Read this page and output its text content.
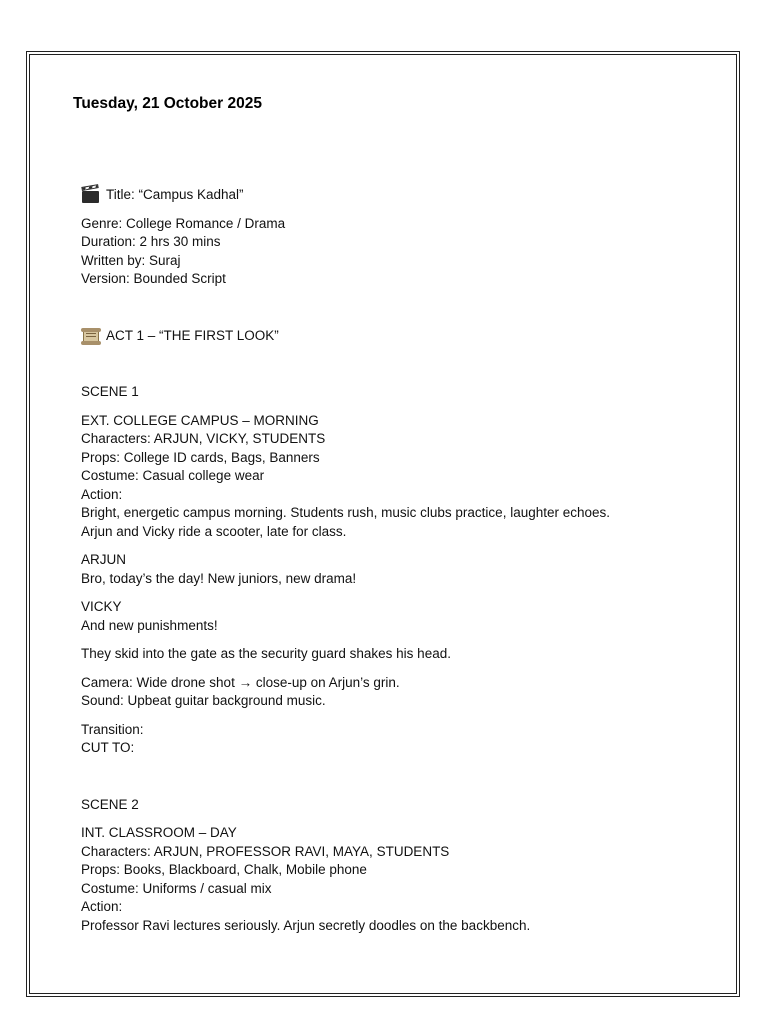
Tuesday, 21 October 2025
Title: “Campus Kadhal”
Genre: College Romance / Drama
Duration: 2 hrs 30 mins
Written by: Suraj
Version: Bounded Script
ACT 1 – “THE FIRST LOOK”
SCENE 1
EXT. COLLEGE CAMPUS – MORNING
Characters: ARJUN, VICKY, STUDENTS
Props: College ID cards, Bags, Banners
Costume: Casual college wear
Action:
Bright, energetic campus morning. Students rush, music clubs practice, laughter echoes.
Arjun and Vicky ride a scooter, late for class.
ARJUN
Bro, today’s the day! New juniors, new drama!
VICKY
And new punishments!
They skid into the gate as the security guard shakes his head.
Camera: Wide drone shot → close-up on Arjun’s grin.
Sound: Upbeat guitar background music.
Transition:
CUT TO:
SCENE 2
INT. CLASSROOM – DAY
Characters: ARJUN, PROFESSOR RAVI, MAYA, STUDENTS
Props: Books, Blackboard, Chalk, Mobile phone
Costume: Uniforms / casual mix
Action:
Professor Ravi lectures seriously. Arjun secretly doodles on the backbench.
